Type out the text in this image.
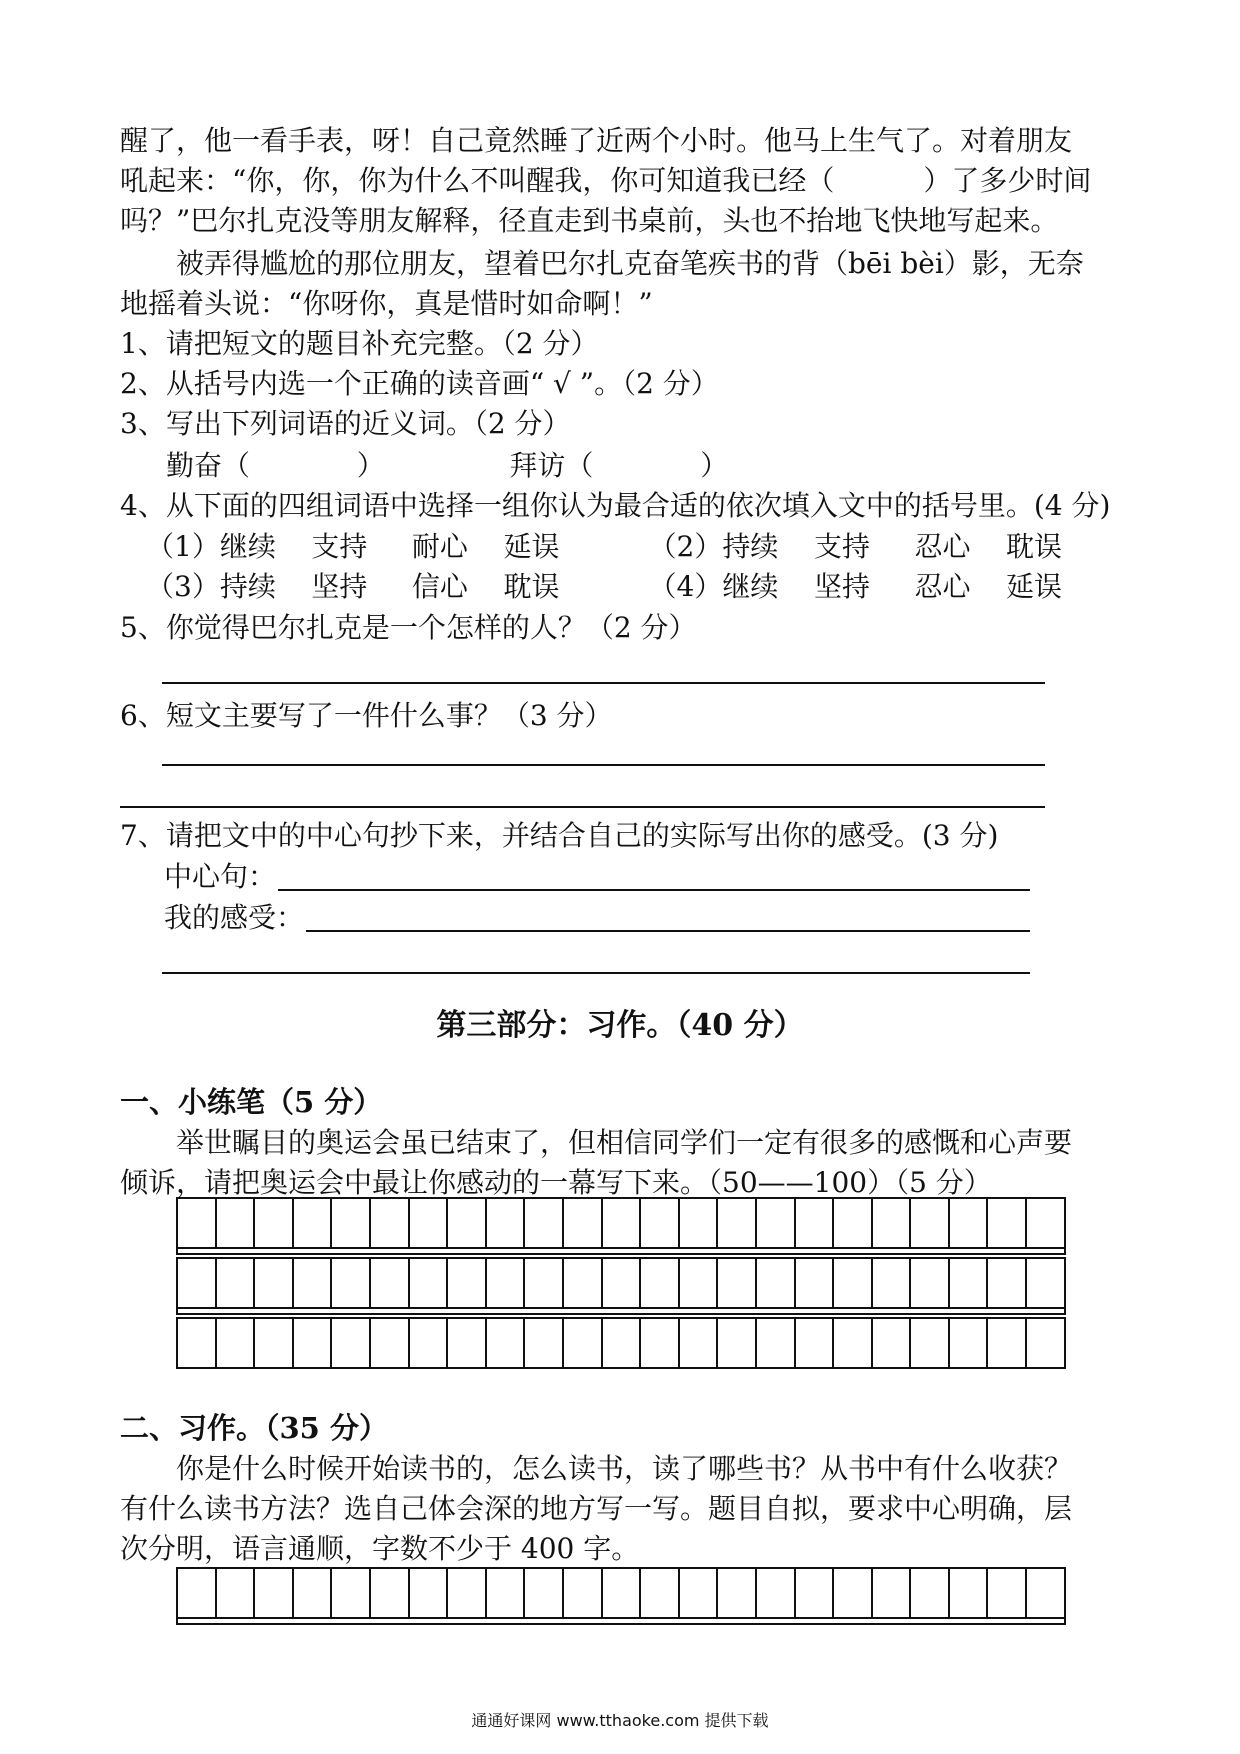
醒了，他一看手表，呀！自己竟然睡了近两个小时。他马上生气了。对着朋友
吼起来：“你，你，你为什么不叫醒我，你可知道我已经（          ）了多少时间
吗？”巴尔扎克没等朋友解释，径直走到书桌前，头也不抬地飞快地写起来。
被弄得尴尬的那位朋友，望着巴尔扎克奋笔疾书的背（bēi bèi）影，无奈
地摇着头说：“你呀你，真是惜时如命啊！”
1、请把短文的题目补充完整。（2 分）
2、从括号内选一个正确的读音画“ √ ”。（2 分）
3、写出下列词语的近义词。（2 分）
勤奋（            ）              拜访（            ）
4、从下面的四组词语中选择一组你认为最合适的依次填入文中的括号里。(4 分)
（1）继续    支持     耐心    延误          （2）持续    支持     忍心    耽误
（3）持续    坚持     信心    耽误          （4）继续    坚持     忍心    延误
5、你觉得巴尔扎克是一个怎样的人？（2 分）
6、短文主要写了一件什么事？（3 分）
7、请把文中的中心句抄下来，并结合自己的实际写出你的感受。(3 分)
中心句：
我的感受：
第三部分：习作。（40 分）
一、小练笔（5 分）
举世瞩目的奥运会虽已结束了，但相信同学们一定有很多的感慨和心声要
倾诉，请把奥运会中最让你感动的一幕写下来。（50——100）（5 分）
二、习作。（35 分）
你是什么时候开始读书的，怎么读书，读了哪些书？从书中有什么收获？
有什么读书方法？选自己体会深的地方写一写。题目自拟，要求中心明确，层
次分明，语言通顺，字数不少于 400 字。
通通好课网 www.tthaoke.com 提供下载
